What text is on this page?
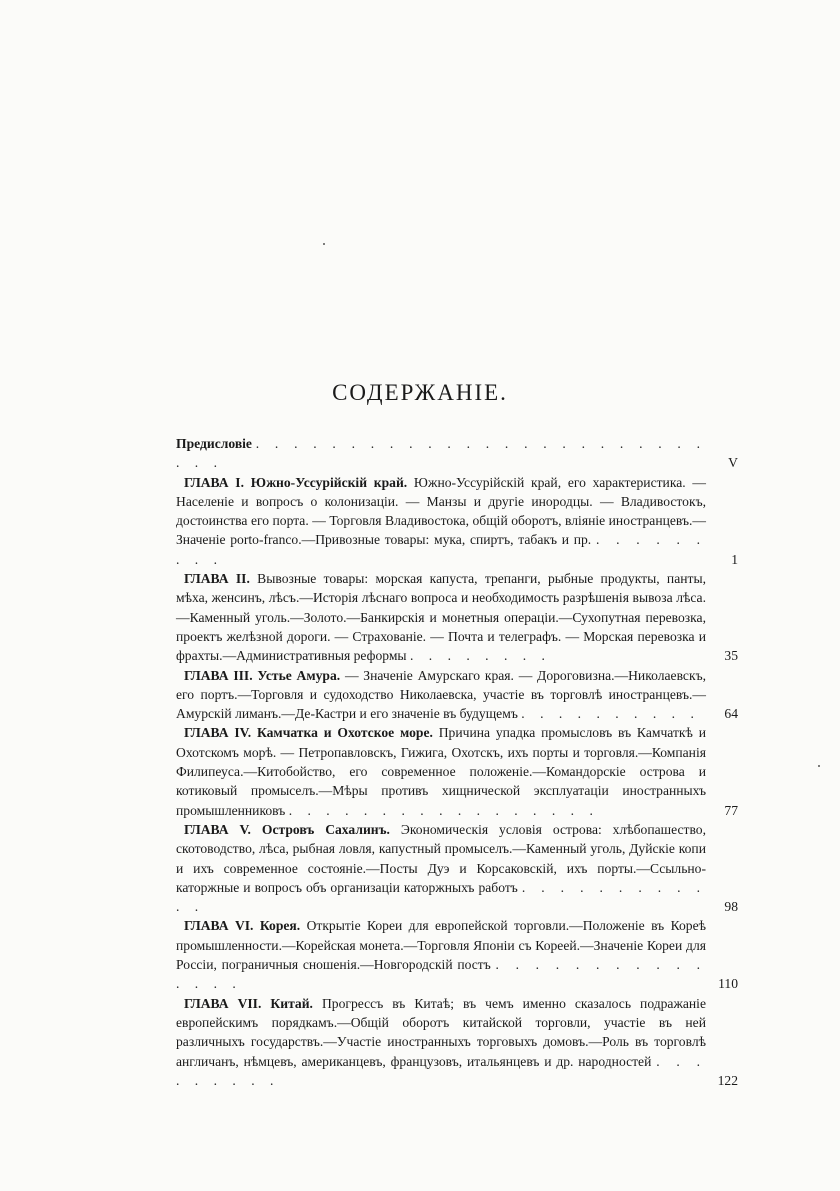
СОДЕРЖАНIЕ.
Предисловiе . . . . . . . . . . . . . . . . . . . . . . . . . . .	V
ГЛАВА I. Южно-Уссурiйскiй край. Южно-Уссурiйскiй край, его характеристика. — Населенiе и вопросъ о колонизацiи. — Манзы и другiе инородцы. — Владивостокъ, достоинства его порта. — Торговля Владивостока, общiй оборотъ, влiянiе иностранцевъ.—Значенiе porto-franco.—Привозные товары: мука, спиртъ, табакъ и пр. . . . . . . . . .	1
ГЛАВА II. Вывозные товары: морская капуста, трепанги, рыбные продукты, панты, мѣха, женсинъ, лѣсъ.—Исторiя лѣснаго вопроса и необходимость разрѣшенiя вывоза лѣса.—Каменный уголь.—Золото.—Банкирскiя и монетныя операцiи.—Сухопутная перевозка, проектъ желѣзной дороги. — Страхованiе. — Почта и телеграфъ. — Морская перевозка и фрахты.—Административныя реформы . . . . . . . .	35
ГЛАВА III. Устье Амура. — Значенiе Амурскаго края. — Дороговизна.—Николаевскъ, его портъ.—Торговля и судоходство Николаевска, участiе въ торговлѣ иностранцевъ.—Амурскiй лиманъ.—Де-Кастри и его значенiе въ будущемъ . . . . . . . . . .	64
ГЛАВА IV. Камчатка и Охотское море. Причина упадка промысловъ въ Камчаткѣ и Охотскомъ морѣ. — Петропавловскъ, Гижига, Охотскъ, ихъ порты и торговля.—Компанiя Филипеуса.—Китобойство, его современное положенiе.—Командорскiе острова и котиковый промыселъ.—Мѣры противъ хищнической эксплуатацiи иностранныхъ промышленниковъ . . . . . . . . . . . . . . . . .	77
ГЛАВА V. Островъ Сахалинъ. Экономическiя условiя острова: хлѣбопашество, скотоводство, лѣса, рыбная ловля, капустный промыселъ.—Каменный уголь, Дуйскiе копи и ихъ современное состоянiе.—Посты Дуэ и Корсаковскiй, ихъ порты.—Ссыльно-каторжные и вопросъ объ организацiи каторжныхъ работъ . . . . . . . . . . . .	98
ГЛАВА VI. Корея. Открытiе Кореи для европейской торговли.—Положенiе въ Кореѣ промышленности.—Корейская монета.—Торговля Японiи съ Кореей.—Значенiе Кореи для Россiи, пограничныя сношенiя.—Новгородскiй постъ . . . . . . . . . . . . . . .	110
ГЛАВА VII. Китай. Прогрессъ въ Китаѣ; въ чемъ именно сказалось подражанiе европейскимъ порядкамъ.—Общiй оборотъ китайской торговли, участiе въ ней различныхъ государствъ.—Участiе иностранныхъ торговыхъ домовъ.—Роль въ торговлѣ англичанъ, нѣмцевъ, американцевъ, французовъ, итальянцевъ и др. народностей . . . . . . . . .	122
